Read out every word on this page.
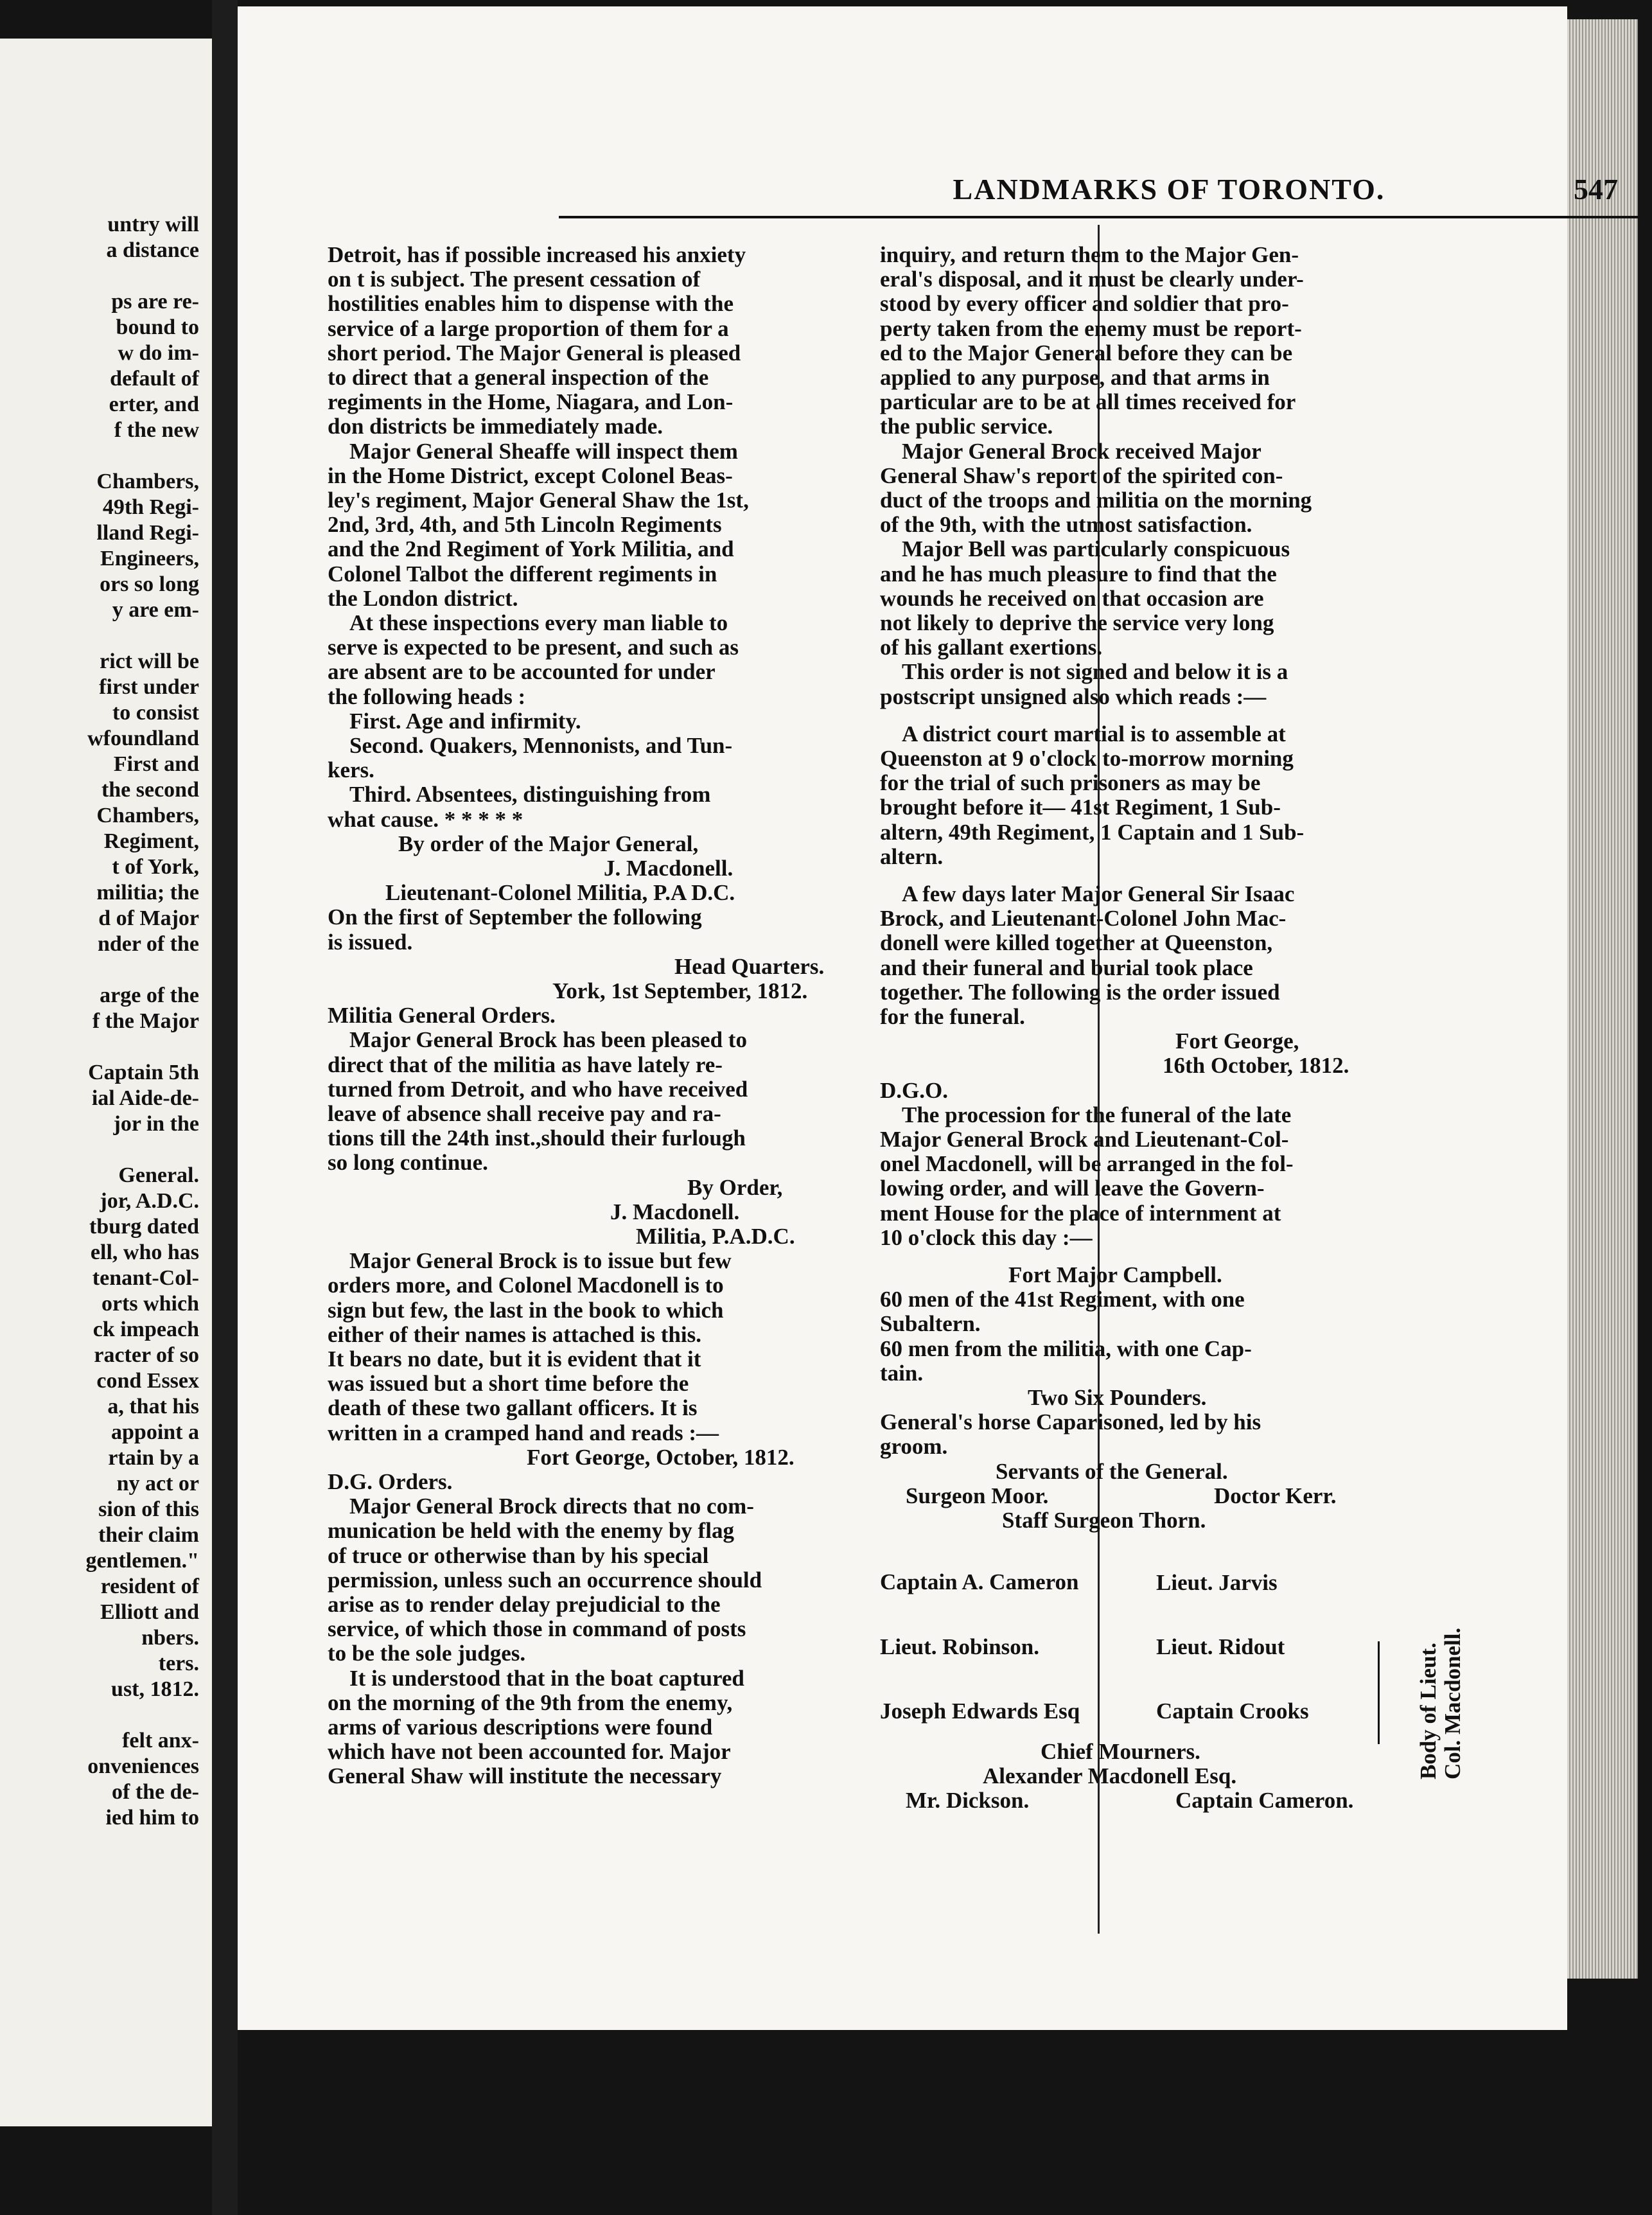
untry will
a distance
ps are re-
bound to
w do im-
default of
erter, and
f the new
Chambers,
49th Regi-
lland Regi-
Engineers,
ors so long
y are em-
rict will be
first under
to consist
wfoundland
First and
the second
Chambers,
Regiment,
t of York,
militia; the
d of Major
nder of the
arge of the
f the Major
Captain 5th
ial Aide-de-
jor in the
General.
jor, A.D.C.
tburg dated
ell, who has
tenant-Col-
orts which
ck impeach
racter of so
cond Essex
a, that his
appoint a
rtain by a
ny act or
sion of this
their claim
gentlemen."
resident of
Elliott and
nbers.
ters.
ust, 1812.
felt anx-
onveniences
of the de-
ied him to
LANDMARKS OF TORONTO.	547
Detroit, has if possible increased his anxiety
on t is subject. The present cessation of
hostilities enables him to dispense with the
service of a large proportion of them for a
short period. The Major General is pleased
to direct that a general inspection of the
regiments in the Home, Niagara, and Lon-
don districts be immediately made.
Major General Sheaffe will inspect them
in the Home District, except Colonel Beas-
ley's regiment, Major General Shaw the 1st,
2nd, 3rd, 4th, and 5th Lincoln Regiments
and the 2nd Regiment of York Militia, and
Colonel Talbot the different regiments in
the London district.
At these inspections every man liable to
serve is expected to be present, and such as
are absent are to be accounted for under
the following heads :
First. Age and infirmity.
Second. Quakers, Mennonists, and Tun-
kers.
Third. Absentees, distinguishing from
what cause. * * * * *
By order of the Major General,
J. Macdonell.
Lieutenant-Colonel Militia, P.A D.C.
On the first of September the following
is issued.
Head Quarters.
York, 1st September, 1812.
Militia General Orders.
Major General Brock has been pleased to
direct that of the militia as have lately re-
turned from Detroit, and who have received
leave of absence shall receive pay and ra-
tions till the 24th inst.,should their furlough
so long continue.
By Order,
J. Macdonell.
Militia, P.A.D.C.
Major General Brock is to issue but few
orders more, and Colonel Macdonell is to
sign but few, the last in the book to which
either of their names is attached is this.
It bears no date, but it is evident that it
was issued but a short time before the
death of these two gallant officers. It is
written in a cramped hand and reads :—
Fort George, October, 1812.
D.G. Orders.
Major General Brock directs that no com-
munication be held with the enemy by flag
of truce or otherwise than by his special
permission, unless such an occurrence should
arise as to render delay prejudicial to the
service, of which those in command of posts
to be the sole judges.
It is understood that in the boat captured
on the morning of the 9th from the enemy,
arms of various descriptions were found
which have not been accounted for. Major
General Shaw will institute the necessary
inquiry, and return them to the Major Gen-
eral's disposal, and it must be clearly under-
stood by every officer and soldier that pro-
perty taken from the enemy must be report-
ed to the Major General before they can be
applied to any purpose, and that arms in
particular are to be at all times received for
the public service.
Major General Brock received Major
General Shaw's report of the spirited con-
duct of the troops and militia on the morning
of the 9th, with the utmost satisfaction.
Major Bell was particularly conspicuous
and he has much pleasure to find that the
wounds he received on that occasion are
not likely to deprive the service very long
of his gallant exertions.
This order is not signed and below it is a
postscript unsigned also which reads :—
A district court martial is to assemble at
Queenston at 9 o'clock to-morrow morning
for the trial of such prisoners as may be
brought before it— 41st Regiment, 1 Sub-
altern, 49th Regiment, 1 Captain and 1 Sub-
altern.
A few days later Major General Sir Isaac
Brock, and Lieutenant-Colonel John Mac-
donell were killed together at Queenston,
and their funeral and burial took place
together. The following is the order issued
for the funeral.
Fort George,
16th October, 1812.
D.G.O.
The procession for the funeral of the late
Major General Brock and Lieutenant-Col-
onel Macdonell, will be arranged in the fol-
lowing order, and will leave the Govern-
ment House for the place of internment at
10 o'clock this day :—
Fort Major Campbell.
60 men of the 41st Regiment, with one
Subaltern.
60 men from the militia, with one Cap-
tain.
Two Six Pounders.
General's horse Caparisoned, led by his
groom.
Servants of the General.
Surgeon Moor.	Doctor Kerr.
Staff Surgeon Thorn.
Captain A. Cameron	Lieut. Jarvis
Lieut. Robinson.	Lieut. Ridout
Joseph Edwards Esq	Captain Crooks
Chief Mourners.
Alexander Macdonell Esq.
Mr. Dickson.	Captain Cameron.
Body of Lieut. Col. Macdonell.
